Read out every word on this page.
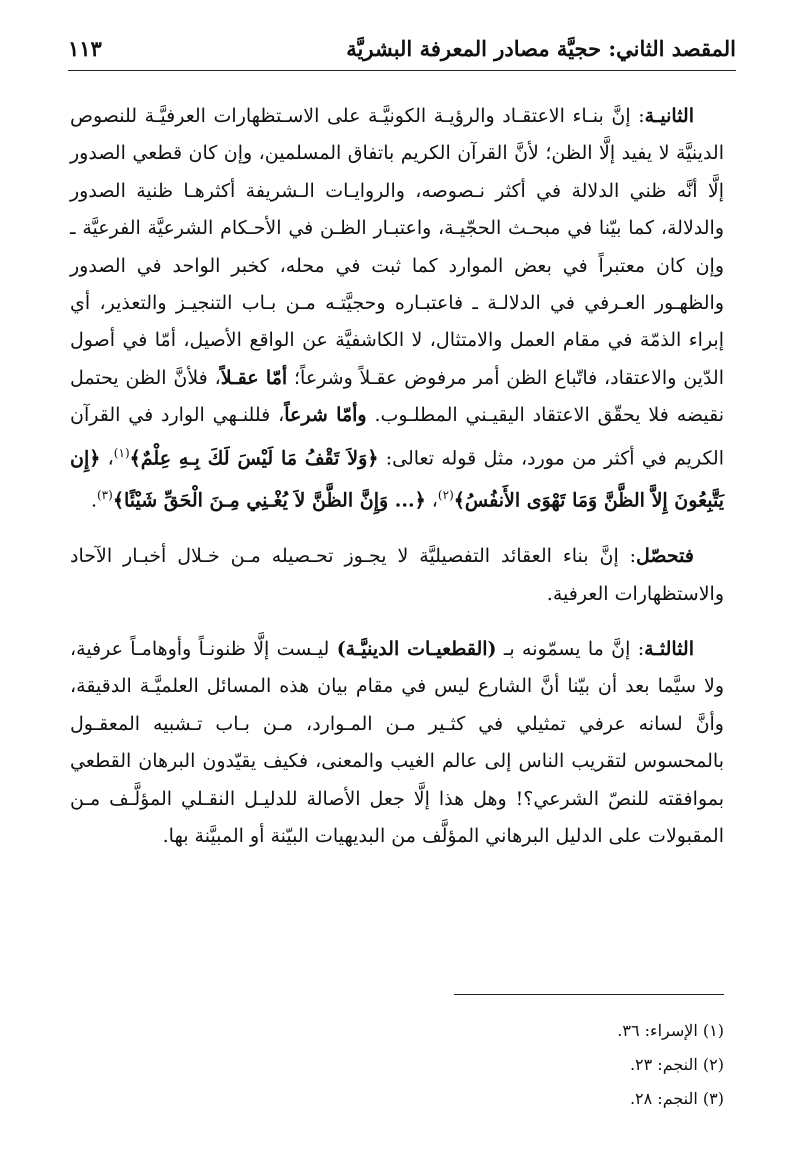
المقصد الثاني: حجيَّة مصادر المعرفة البشريَّة
١١٣

الثانيـة: إنَّ بنـاء الاعتقـاد والرؤيـة الكونيَّـة على الاسـتظهارات العرفيَّـة للنصوص الدينيَّة لا يفيد إلَّا الظن؛ لأنَّ القرآن الكريم باتفاق المسلمين، وإن كان قطعي الصدور إلَّا أنَّه ظني الدلالة في أكثر نـصوصه، والروايـات الـشريفة أكثرهـا ظنية الصدور والدلالة، كما بيّنا في مبحـث الحجّيـة، واعتبـار الظـن في الأحـكام الشرعيَّة الفرعيَّة ـ وإن كان معتبراً في بعض الموارد كما ثبت في محله، كخبر الواحد في الصدور والظهـور العـرفي في الدلالـة ـ فاعتبـاره وحجيَّتـه مـن بـاب التنجيـز والتعذير، أي إبراء الذمّة في مقام العمل والامتثال، لا الكاشفيَّة عن الواقع الأصيل، أمّا في أصول الدّين والاعتقاد، فاتّباع الظن أمر مرفوض عقـلاً وشرعاً؛ أمّا عقـلاً، فلأنَّ الظن يحتمل نقيضه فلا يحقّق الاعتقاد اليقيـني المطلـوب. وأمّا شرعاً، فللنـهي الوارد في القرآن الكريم في أكثر من مورد، مثل قوله تعالى: ﴿وَلاَ تَقْفُ مَا لَيْسَ لَكَ بِـهِ عِلْمٌ﴾$^{(١)}$، ﴿إِن يَتَّبِعُونَ إِلاَّ الظَّنَّ وَمَا تَهْوَى الأَنفُسُ﴾$^{(٢)}$، ﴿... وَإِنَّ الظَّنَّ لاَ يُغْـنِي مِـنَ الْحَقِّ شَيْئًا﴾$^{(٣)}$.

فتحصّل: إنَّ بناء العقائد التفصيليَّة لا يجـوز تحـصيله مـن خـلال أخبـار الآحاد والاستظهارات العرفية.

الثالثـة: إنَّ ما يسمّونه بـ (القطعيـات الدينيَّـة) ليـست إلَّا ظنونـاً وأوهامـاً عرفية، ولا سيَّما بعد أن بيّنا أنَّ الشارع ليس في مقام بيان هذه المسائل العلميَّـة الدقيقة، وأنَّ لسانه عرفي تمثيلي في كثـير مـن المـوارد، مـن بـاب تـشبيه المعقـول بالمحسوس لتقريب الناس إلى عالم الغيب والمعنى، فكيف يقيّدون البرهان القطعي بموافقته للنصّ الشرعي؟! وهل هذا إلَّا جعل الأصالة للدليـل النقـلي المؤلَّـف مـن المقبولات على الدليل البرهاني المؤلَّف من البديهيات البيّنة أو المبيَّنة بها.

(١) الإسراء: ٣٦.
(٢) النجم: ٢٣.
(٣) النجم: ٢٨.
